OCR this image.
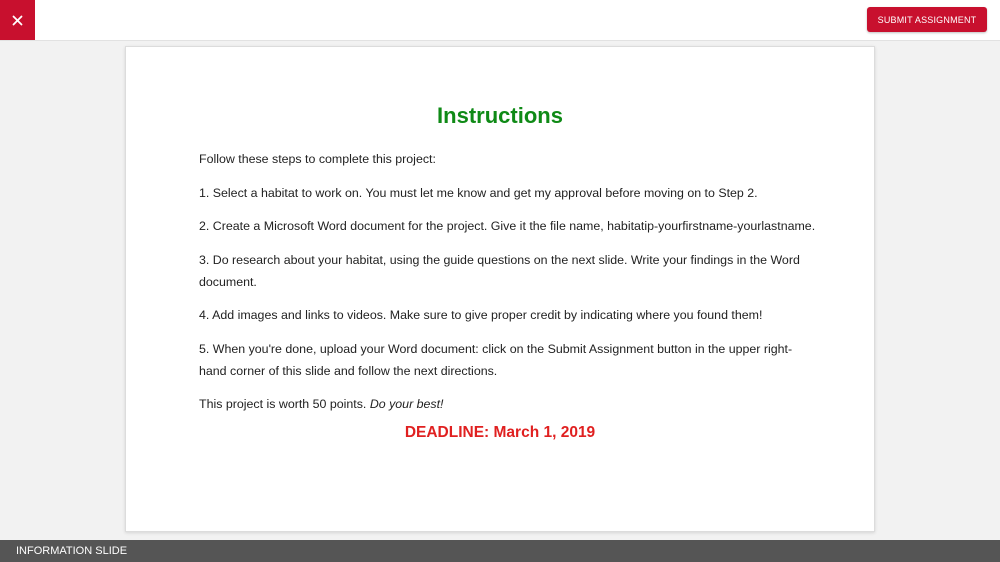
SUBMIT ASSIGNMENT
Instructions

Follow these steps to complete this project:

1. Select a habitat to work on. You must let me know and get my approval before moving on to Step 2.

2. Create a Microsoft Word document for the project. Give it the file name, habitatip-yourfirstname-yourlastname.

3. Do research about your habitat, using the guide questions on the next slide. Write your findings in the Word document.

4. Add images and links to videos. Make sure to give proper credit by indicating where you found them!

5. When you're done, upload your Word document: click on the Submit Assignment button in the upper right-hand corner of this slide and follow the next directions.

This project is worth 50 points. Do your best!

DEADLINE: March 1, 2019

INFORMATION SLIDE
